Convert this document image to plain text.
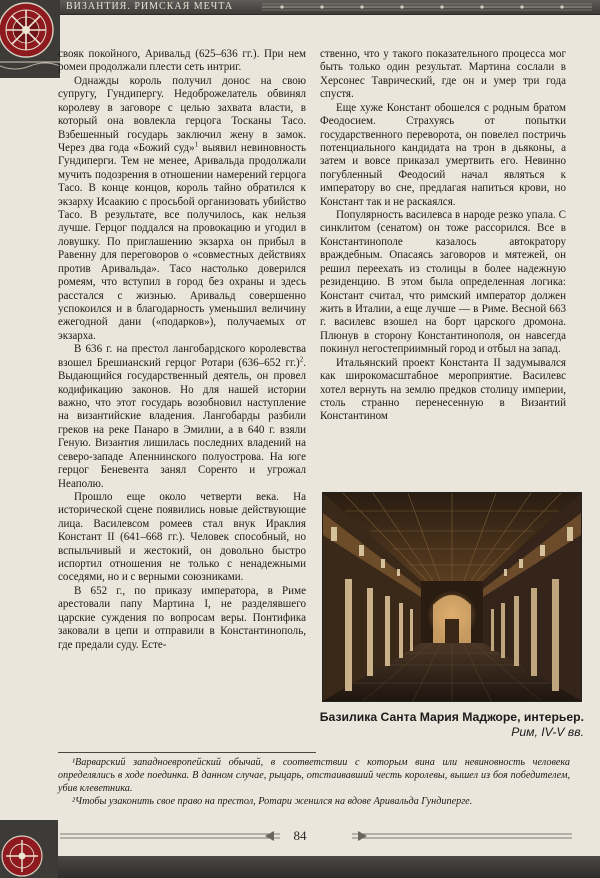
ВИЗАНТИЯ. РИМСКАЯ МЕЧТА

свояк покойного, Аривальд (625–636 гг.). При нем ромеи продолжали плести сеть интриг.

Однажды король получил донос на свою супругу, Гундипергу. Недоброжелатель обвинял королеву в заговоре с целью захвата власти, в который она вовлекла герцога Тосканы Тасо. Взбешенный государь заключил жену в замок. Через два года «Божий суд»$^1$ выявил невиновность Гундиперги. Тем не менее, Аривальда продолжали мучить подозрения в отношении намерений герцога Тасо. В конце концов, король тайно обратился к экзарху Исаакию с просьбой организовать убийство Тасо. В результате, все получилось, как нельзя лучше. Герцог поддался на провокацию и угодил в ловушку. По приглашению экзарха он прибыл в Равенну для переговоров о «совместных действиях против Аривальда». Тасо настолько доверился ромеям, что вступил в город без охраны и здесь расстался с жизнью. Аривальд совершенно успокоился и в благодарность уменьшил величину ежегодной дани («подарков»), получаемых от экзарха.

В 636 г. на престол лангобардского королевства взошел Брешианский герцог Ротари (636–652 гг.)$^2$. Выдающийся государственный деятель, он провел кодификацию законов. Но для нашей истории важно, что этот государь возобновил наступление на византийские владения. Лангобарды разбили греков на реке Панаро в Эмилии, а в 640 г. взяли Геную. Византия лишилась последних владений на северо-западе Апеннинского полуострова. На юге герцог Беневента занял Соренто и угрожал Неаполю.

Прошло еще около четверти века. На исторической сцене появились новые действующие лица. Василевсом ромеев стал внук Ираклия Констант II (641–668 гг.). Человек способный, но вспыльчивый и жестокий, он довольно быстро испортил отношения не только с ненадежными соседями, но и с верными союзниками.

В 652 г., по приказу императора, в Риме арестовали папу Мартина I, не разделявшего царские суждения по вопросам веры. Понтифика заковали в цепи и отправили в Константинополь, где предали суду. Есте-

ственно, что у такого показательного процесса мог быть только один результат. Мартина сослали в Херсонес Таврический, где он и умер три года спустя.

Еще хуже Констант обошелся с родным братом Феодосием. Страхуясь от попытки государственного переворота, он повелел постричь потенциального кандидата на трон в дьяконы, а затем и вовсе приказал умертвить его. Невинно погубленный Феодосий начал являться к императору во сне, предлагая напиться крови, но Констант так и не раскаялся.

Популярность василевса в народе резко упала. С синклитом (сенатом) он тоже рассорился. Все в Константинополе казалось автократору враждебным. Опасаясь заговоров и мятежей, он решил переехать из столицы в более надежную резиденцию. В этом была определенная логика: Констант считал, что римский император должен жить в Италии, а еще лучше — в Риме. Весной 663 г. василевс взошел на борт царского дромона. Плюнув в сторону Константинополя, он навсегда покинул негостеприимный город и отбыл на запад.

Итальянский проект Константа II задумывался как широкомасштабное мероприятие. Василевс хотел вернуть на землю предков столицу империи, столь странно перенесенную в Византий Константином

Базилика Санта Мария Маджоре, интерьер. Рим, IV-V вв.

¹Варварский западноевропейский обычай, в соответствии с которым вина или невиновность человека определялись в ходе поединка. В данном случае, рыцарь, отстаивавший честь королевы, вышел из боя победителем, убив клеветника.

²Чтобы узаконить свое право на престол, Ротари женился на вдове Аривальда Гундиперге.

84
